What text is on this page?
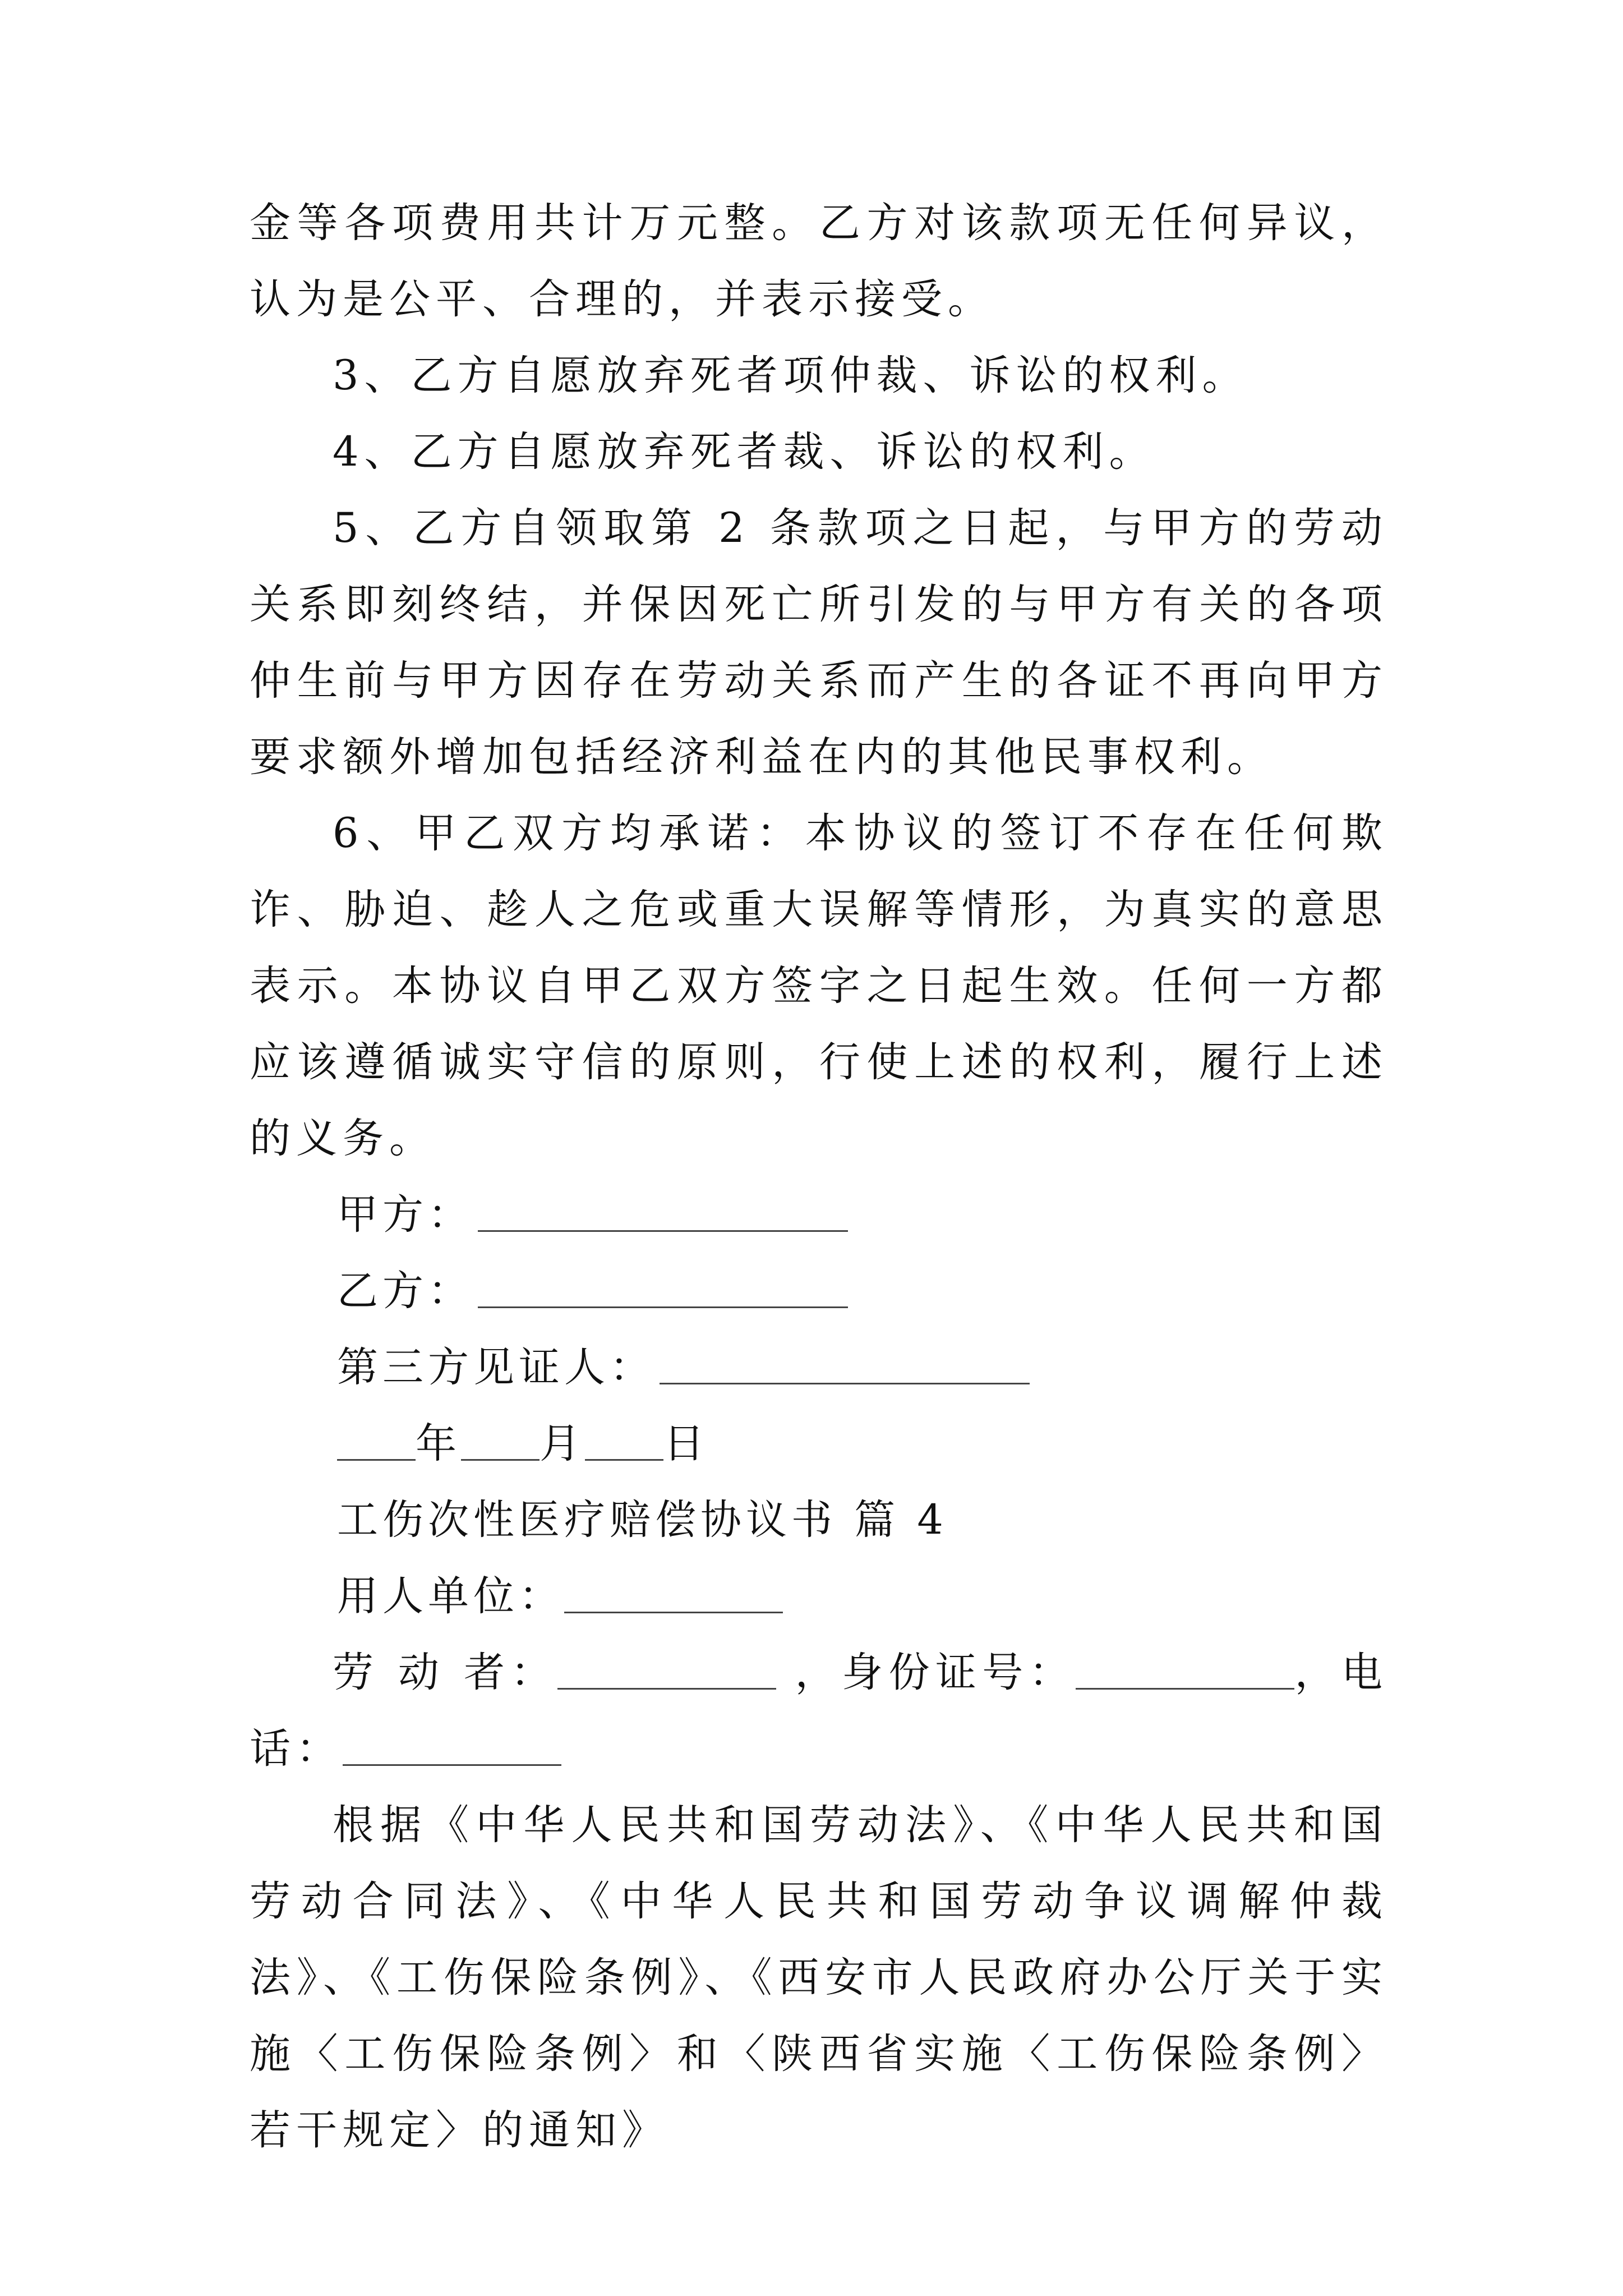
金等各项费用共计万元整。乙方对该款项无任何异议，认为是公平、合理的，并表示接受。

3、乙方自愿放弃死者项仲裁、诉讼的权利。

4、乙方自愿放弃死者裁、诉讼的权利。

5、乙方自领取第 2 条款项之日起，与甲方的劳动关系即刻终结，并保因死亡所引发的与甲方有关的各项仲生前与甲方因存在劳动关系而产生的各证不再向甲方要求额外增加包括经济利益在内的其他民事权利。

6、甲乙双方均承诺：本协议的签订不存在任何欺诈、胁迫、趁人之危或重大误解等情形，为真实的意思表示。本协议自甲乙双方签字之日起生效。任何一方都应该遵循诚实守信的原则，行使上述的权利，履行上述的义务。

甲方：

乙方：

第三方见证人：

年 月 日

工伤次性医疗赔偿协议书 篇 4

用人单位：

劳 动 者：	，身份证号：	，电话：

根据《中华人民共和国劳动法》、《中华人民共和国劳动合同法》、《中华人民共和国劳动争议调解仲裁法》、《工伤保险条例》、《西安市人民政府办公厅关于实施〈工伤保险条例〉和〈陕西省实施〈工伤保险条例〉若干规定〉的通知》
